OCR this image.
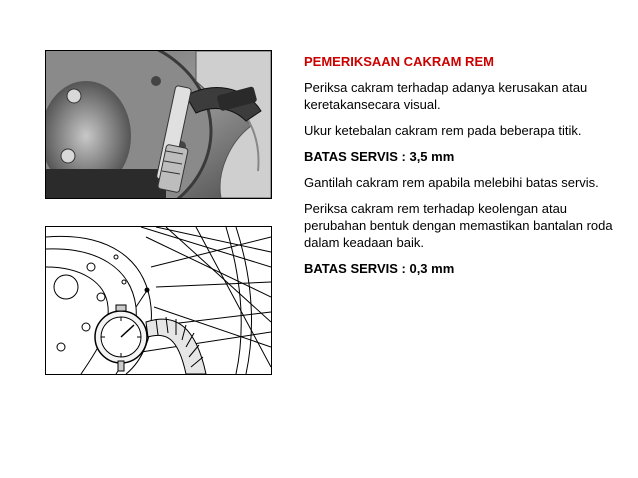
PEMERIKSAAN CAKRAM REM

Periksa cakram terhadap adanya kerusakan atau keretakansecara visual.

Ukur ketebalan cakram rem pada beberapa titik.

BATAS SERVIS : 3,5 mm

Gantilah cakram rem apabila melebihi batas servis.

Periksa cakram rem terhadap keolengan atau perubahan bentuk dengan memastikan bantalan roda dalam keadaan baik.

BATAS SERVIS : 0,3 mm
